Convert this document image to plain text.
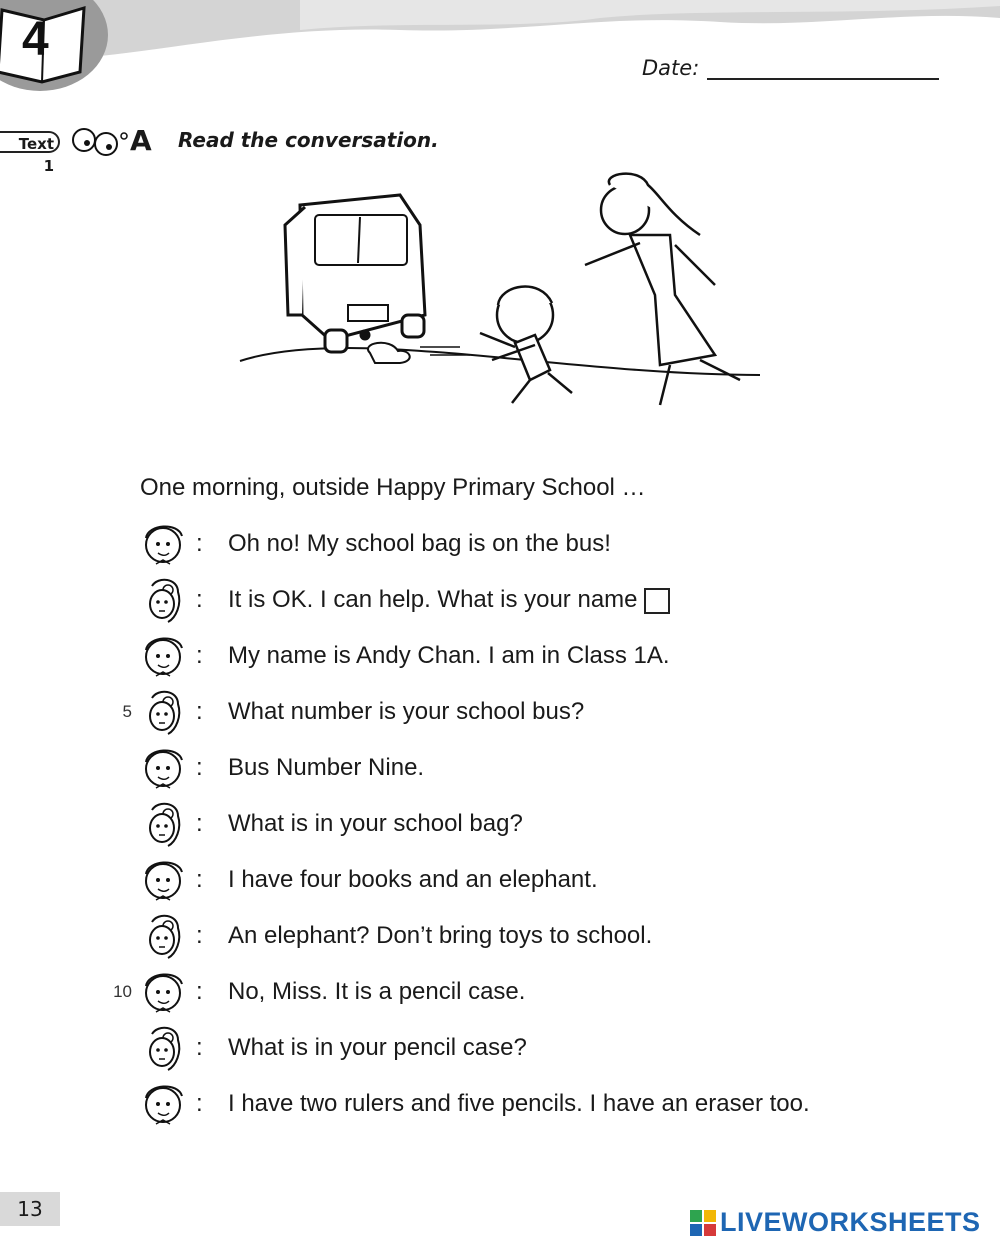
4
Date:
Text 1
A Read the conversation.
One morning, outside Happy Primary School …
: Oh no! My school bag is on the bus!
: It is OK. I can help. What is your name
: My name is Andy Chan. I am in Class 1A.
5	: What number is your school bus?
: Bus Number Nine.
: What is in your school bag?
: I have four books and an elephant.
: An elephant? Don’t bring toys to school.
10	: No, Miss. It is a pencil case.
: What is in your pencil case?
: I have two rulers and five pencils. I have an eraser too.
13	LIVEWORKSHEETS
